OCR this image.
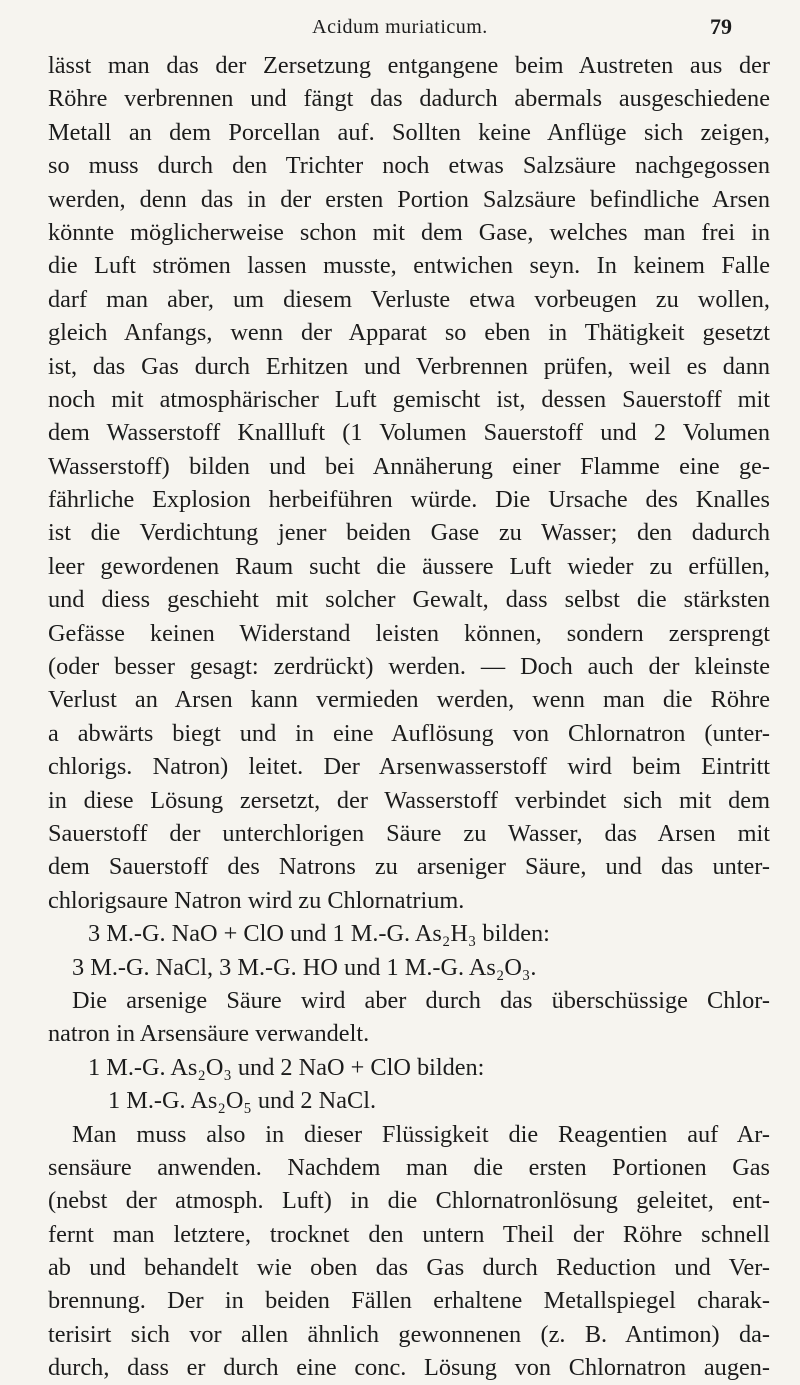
Acidum muriaticum.	79
lässt man das der Zersetzung entgangene beim Austreten aus der
Röhre verbrennen und fängt das dadurch abermals ausgeschiedene
Metall an dem Porcellan auf. Sollten keine Anflüge sich zeigen,
so muss durch den Trichter noch etwas Salzsäure nachgegossen
werden, denn das in der ersten Portion Salzsäure befindliche Arsen
könnte möglicherweise schon mit dem Gase, welches man frei in
die Luft strömen lassen musste, entwichen seyn. In keinem Falle
darf man aber, um diesem Verluste etwa vorbeugen zu wollen,
gleich Anfangs, wenn der Apparat so eben in Thätigkeit gesetzt
ist, das Gas durch Erhitzen und Verbrennen prüfen, weil es dann
noch mit atmosphärischer Luft gemischt ist, dessen Sauerstoff mit
dem Wasserstoff Knallluft (1 Volumen Sauerstoff und 2 Volumen
Wasserstoff) bilden und bei Annäherung einer Flamme eine ge-
fährliche Explosion herbeiführen würde. Die Ursache des Knalles
ist die Verdichtung jener beiden Gase zu Wasser; den dadurch
leer gewordenen Raum sucht die äussere Luft wieder zu erfüllen,
und diess geschieht mit solcher Gewalt, dass selbst die stärksten
Gefässe keinen Widerstand leisten können, sondern zersprengt
(oder besser gesagt: zerdrückt) werden. — Doch auch der kleinste
Verlust an Arsen kann vermieden werden, wenn man die Röhre
a abwärts biegt und in eine Auflösung von Chlornatron (unter-
chlorigs. Natron) leitet. Der Arsenwasserstoff wird beim Eintritt
in diese Lösung zersetzt, der Wasserstoff verbindet sich mit dem
Sauerstoff der unterchlorigen Säure zu Wasser, das Arsen mit
dem Sauerstoff des Natrons zu arseniger Säure, und das unter-
chlorigsaure Natron wird zu Chlornatrium.
3 M.-G. NaO + ClO und 1 M.-G. As₂H₃ bilden:
3 M.-G. NaCl, 3 M.-G. HO und 1 M.-G. As₂O₃.
Die arsenige Säure wird aber durch das überschüssige Chlor-
natron in Arsensäure verwandelt.
1 M.-G. As₂O₃ und 2 NaO + ClO bilden:
1 M.-G. As₂O₅ und 2 NaCl.
Man muss also in dieser Flüssigkeit die Reagentien auf Ar-
sensäure anwenden. Nachdem man die ersten Portionen Gas
(nebst der atmosph. Luft) in die Chlornatronlösung geleitet, ent-
fernt man letztere, trocknet den untern Theil der Röhre schnell
ab und behandelt wie oben das Gas durch Reduction und Ver-
brennung. Der in beiden Fällen erhaltene Metallspiegel charak-
terisirt sich vor allen ähnlich gewonnenen (z. B. Antimon) da-
durch, dass er durch eine conc. Lösung von Chlornatron augen-
